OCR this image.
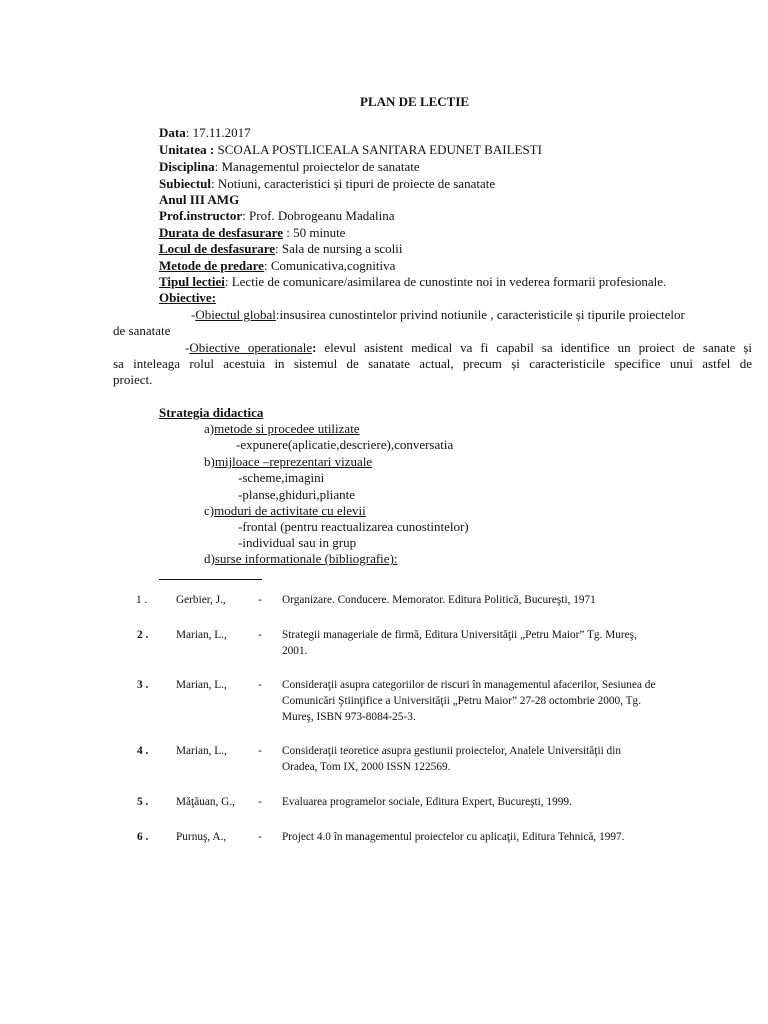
PLAN DE LECTIE
Data: 17.11.2017
Unitatea : SCOALA POSTLICEALA SANITARA EDUNET BAILESTI
Disciplina: Managementul proiectelor de sanatate
Subiectul: Notiuni, caracteristici și tipuri de proiecte de sanatate
Anul III AMG
Prof.instructor: Prof. Dobrogeanu Madalina
Durata de desfasurare : 50 minute
Locul de desfasurare: Sala de nursing a scolii
Metode de predare: Comunicativa,cognitiva
Tipul lectiei: Lectie de comunicare/asimilarea de cunostinte noi in vederea formarii profesionale.
Obiective:
-Obiectul global:insusirea cunostintelor privind notiunile , caracteristicile și tipurile proiectelor
de sanatate
-Obiective operationale: elevul asistent medical va fi capabil sa identifice un proiect de sanate și
sa inteleaga rolul acestuia in sistemul de sanatate actual, precum și caracteristicile specifice unui astfel de
proiect.
Strategia didactica
a)metode si procedee utilizate
-expunere(aplicatie,descriere),conversatia
b)mijloace –reprezentari vizuale
-scheme,imagini
-planse,ghiduri,pliante
c)moduri de activitate cu elevii
-frontal (pentru reactualizarea cunostintelor)
-individual sau in grup
d)surse informationale (bibliografie):
1 .	Gerbier, J.,	- Organizare. Conducere. Memorator. Editura Politică, Bucureşti, 1971
2 . Marian, L.,	- Strategii manageriale de firmă, Editura Universităţii „Petru Maior” Tg. Mureş,
2001.
3 . Marian, L.,	- Consideraţii asupra categoriilor de riscuri în managementul afacerilor, Sesiunea de
Comunicări Ştiinţifice a Universităţii „Petru Maior” 27-28 octombrie 2000, Tg.
Mureş, ISBN 973-8084-25-3.
4 . Marian, L.,	- Consideraţii teoretice asupra gestiunii proiectelor, Analele Universităţii din
Oradea, Tom IX, 2000 ISSN 122569.
5 . Măţăuan, G., - Evaluarea programelor sociale, Editura Expert, Bucureşti, 1999.
6 . Purnuş, A.,	- Project 4.0 în managementul proiectelor cu aplicaţii, Editura Tehnică, 1997.
